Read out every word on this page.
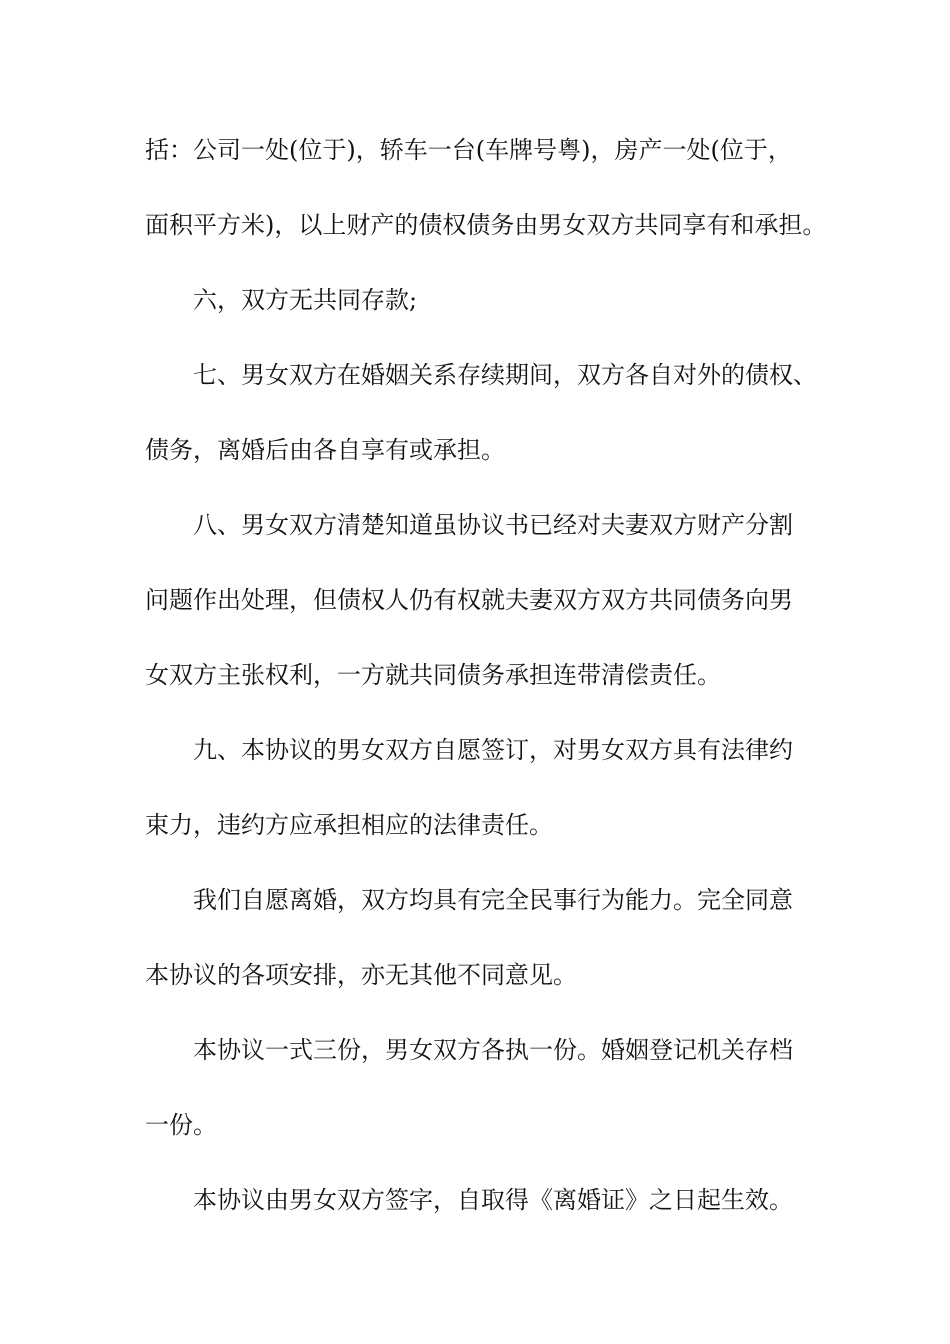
括：公司一处(位于)，轿车一台(车牌号粤)，房产一处(位于，

面积平方米)，以上财产的债权债务由男女双方共同享有和承担。

六，双方无共同存款;

七、男女双方在婚姻关系存续期间，双方各自对外的债权、

债务，离婚后由各自享有或承担。

八、男女双方清楚知道虽协议书已经对夫妻双方财产分割

问题作出处理，但债权人仍有权就夫妻双方双方共同债务向男

女双方主张权利，一方就共同债务承担连带清偿责任。

九、本协议的男女双方自愿签订，对男女双方具有法律约

束力，违约方应承担相应的法律责任。

我们自愿离婚，双方均具有完全民事行为能力。完全同意

本协议的各项安排，亦无其他不同意见。

本协议一式三份，男女双方各执一份。婚姻登记机关存档

一份。

本协议由男女双方签字，自取得《离婚证》之日起生效。
